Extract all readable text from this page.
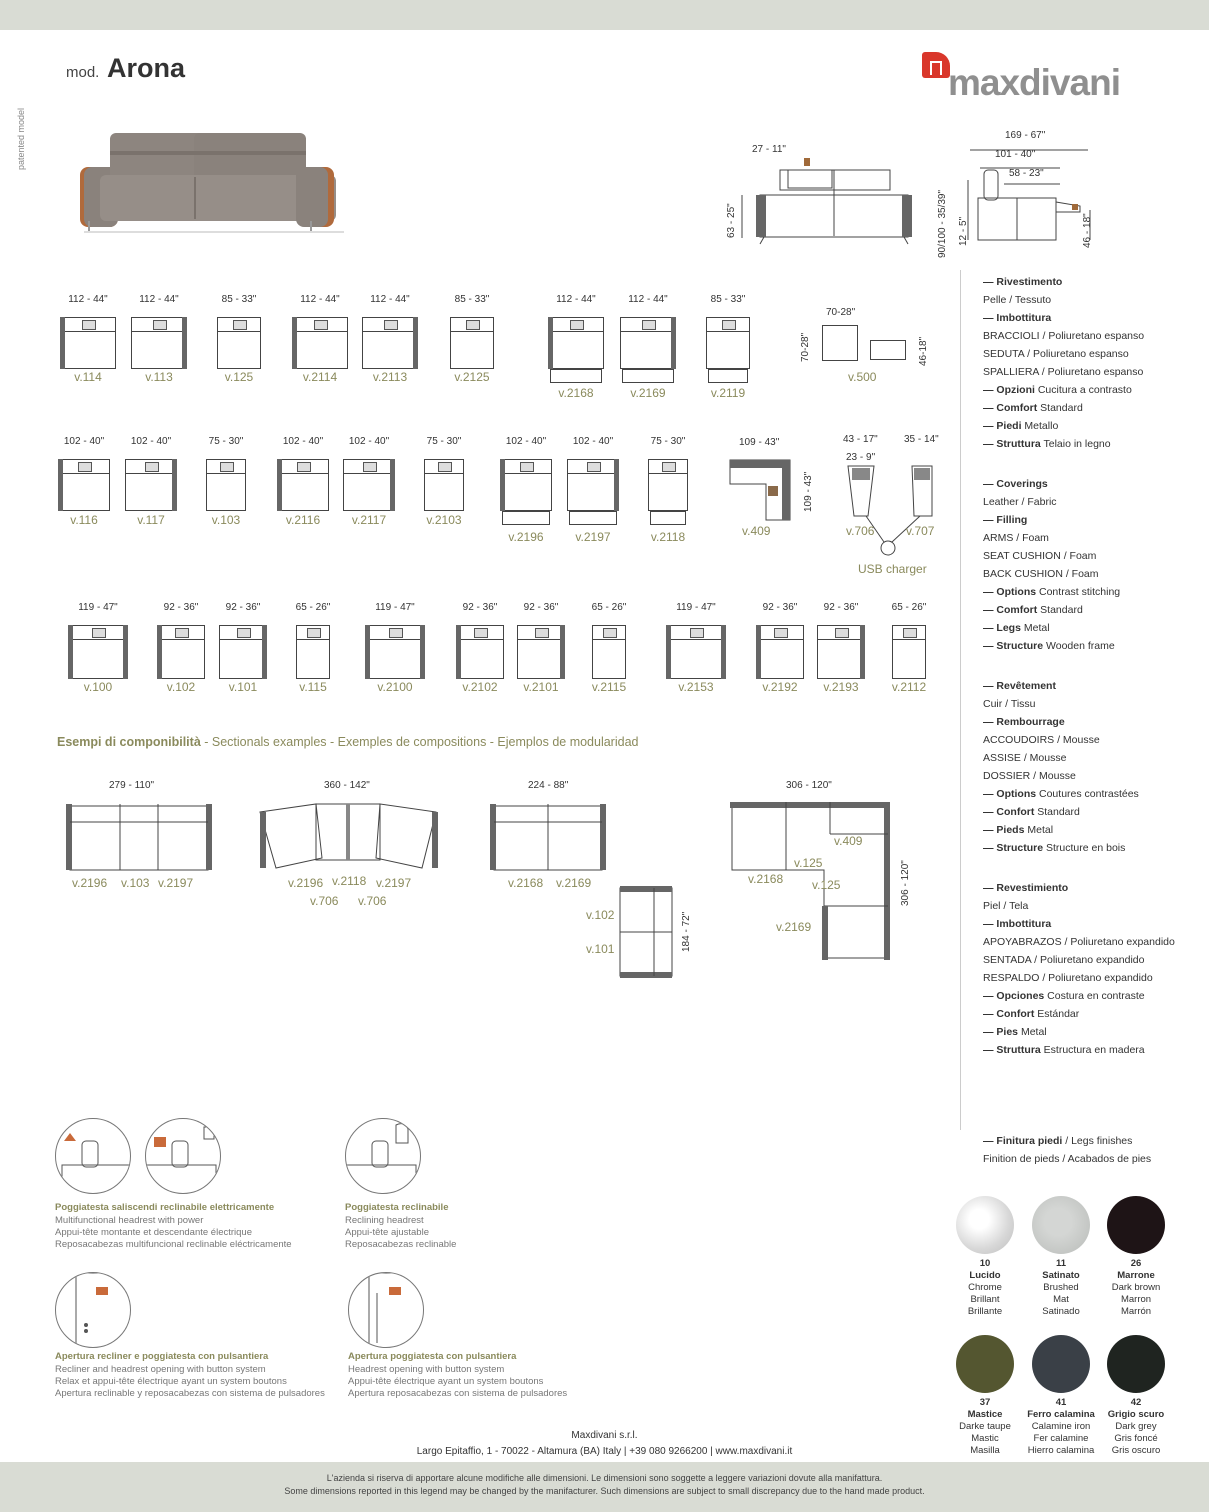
mod. Arona	maxdivani
patented model	27 - 11"
63 - 25"
169 - 67"
101 - 40"
58 - 23"
90/100 - 35/39" 12 - 5"	46 - 18"
112 - 44"
v.114
112 - 44"
v.113
85 - 33"
v.125
112 - 44"
v.2114
112 - 44"
v.2113
85 - 33"
v.2125
112 - 44"
v.2168
112 - 44"
v.2169
85 - 33"
v.2119
102 - 40"
v.116
102 - 40"
v.117
75 - 30"
v.103
102 - 40"
v.2116
102 - 40"
v.2117
75 - 30"
v.2103
102 - 40"
v.2196
102 - 40"
v.2197
75 - 30"
v.2118
119 - 47"
v.100
92 - 36"
v.102
92 - 36"
v.101
65 - 26"
v.115
119 - 47"
v.2100
92 - 36"
v.2102
92 - 36"
v.2101
65 - 26"
v.2115
119 - 47"
v.2153
92 - 36"
v.2192
92 - 36"
v.2193
65 - 26"
v.2112
70-28"
70-28"	46-18"
v.500
109 - 43"
109 - 43"
v.409
43 - 17"	35 - 14"
23 - 9"
v.706	v.707
USB charger
Esempi di componibilità - Sectionals examples - Exemples de compositions - Ejemplos de modularidad
279 - 110"
v.2196 v.103 v.2197
360 - 142"
v.2196 v.2118 v.2197
v.706 v.706
224 - 88"
v.2168 v.2169
v.102
v.101	184 - 72"
306 - 120"
v.409
v.2168
v.125
v.125
v.2169
306 - 120"
— Rivestimento
Pelle / Tessuto
— Imbottitura
BRACCIOLI / Poliuretano espanso
SEDUTA / Poliuretano espanso
SPALLIERA / Poliuretano espanso
— Opzioni Cucitura a contrasto
— Comfort Standard
— Piedi Metallo
— Struttura Telaio in legno
— Coverings
Leather / Fabric
— Filling
ARMS / Foam
SEAT CUSHION / Foam
BACK CUSHION / Foam
— Options Contrast stitching
— Comfort Standard
— Legs Metal
— Structure Wooden frame
— Revêtement
Cuir / Tissu
— Rembourrage
ACCOUDOIRS / Mousse
ASSISE / Mousse
DOSSIER / Mousse
— Options Coutures contrastées
— Confort Standard
— Pieds Metal
— Structure Structure en bois
— Revestimiento
Piel / Tela
— Imbottitura
APOYABRAZOS / Poliuretano expandido
SENTADA / Poliuretano expandido
RESPALDO / Poliuretano expandido
— Opciones Costura en contraste
— Confort Estándar
— Pies Metal
— Struttura Estructura en madera
— Finitura piedi / Legs finishes
Finition de pieds / Acabados de pies
10
Lucido
Chrome
Brillant
Brillante
11
Satinato
Brushed
Mat
Satinado
26
Marrone
Dark brown
Marron
Marrón
37
Mastice
Darke taupe
Mastic
Masilla
41
Ferro calamina
Calamine iron
Fer calamine
Hierro calamina
42
Grigio scuro
Dark grey
Gris foncé
Gris oscuro
Poggiatesta saliscendi reclinabile elettricamente
Multifunctional headrest with power
Appui-tête montante et descendante électrique
Reposacabezas multifuncional reclinable eléctricamente
Poggiatesta reclinabile
Reclining headrest
Appui-tête ajustable
Reposacabezas reclinable
Apertura recliner e poggiatesta con pulsantiera
Recliner and headrest opening with button system
Relax et appui-tête électrique ayant un system boutons
Apertura reclinable y reposacabezas con sistema de pulsadores
Apertura poggiatesta con pulsantiera
Headrest opening with button system
Appui-tête électrique ayant un system boutons
Apertura reposacabezas con sistema de pulsadores
Maxdivani s.r.l.
Largo Epitaffio, 1 - 70022 - Altamura (BA) Italy | +39 080 9266200 | www.maxdivani.it
L'azienda si riserva di apportare alcune modifiche alle dimensioni. Le dimensioni sono soggette a leggere variazioni dovute alla manifattura.
Some dimensions reported in this legend may be changed by the manifacturer. Such dimensions are subject to small discrepancy due to the hand made product.
